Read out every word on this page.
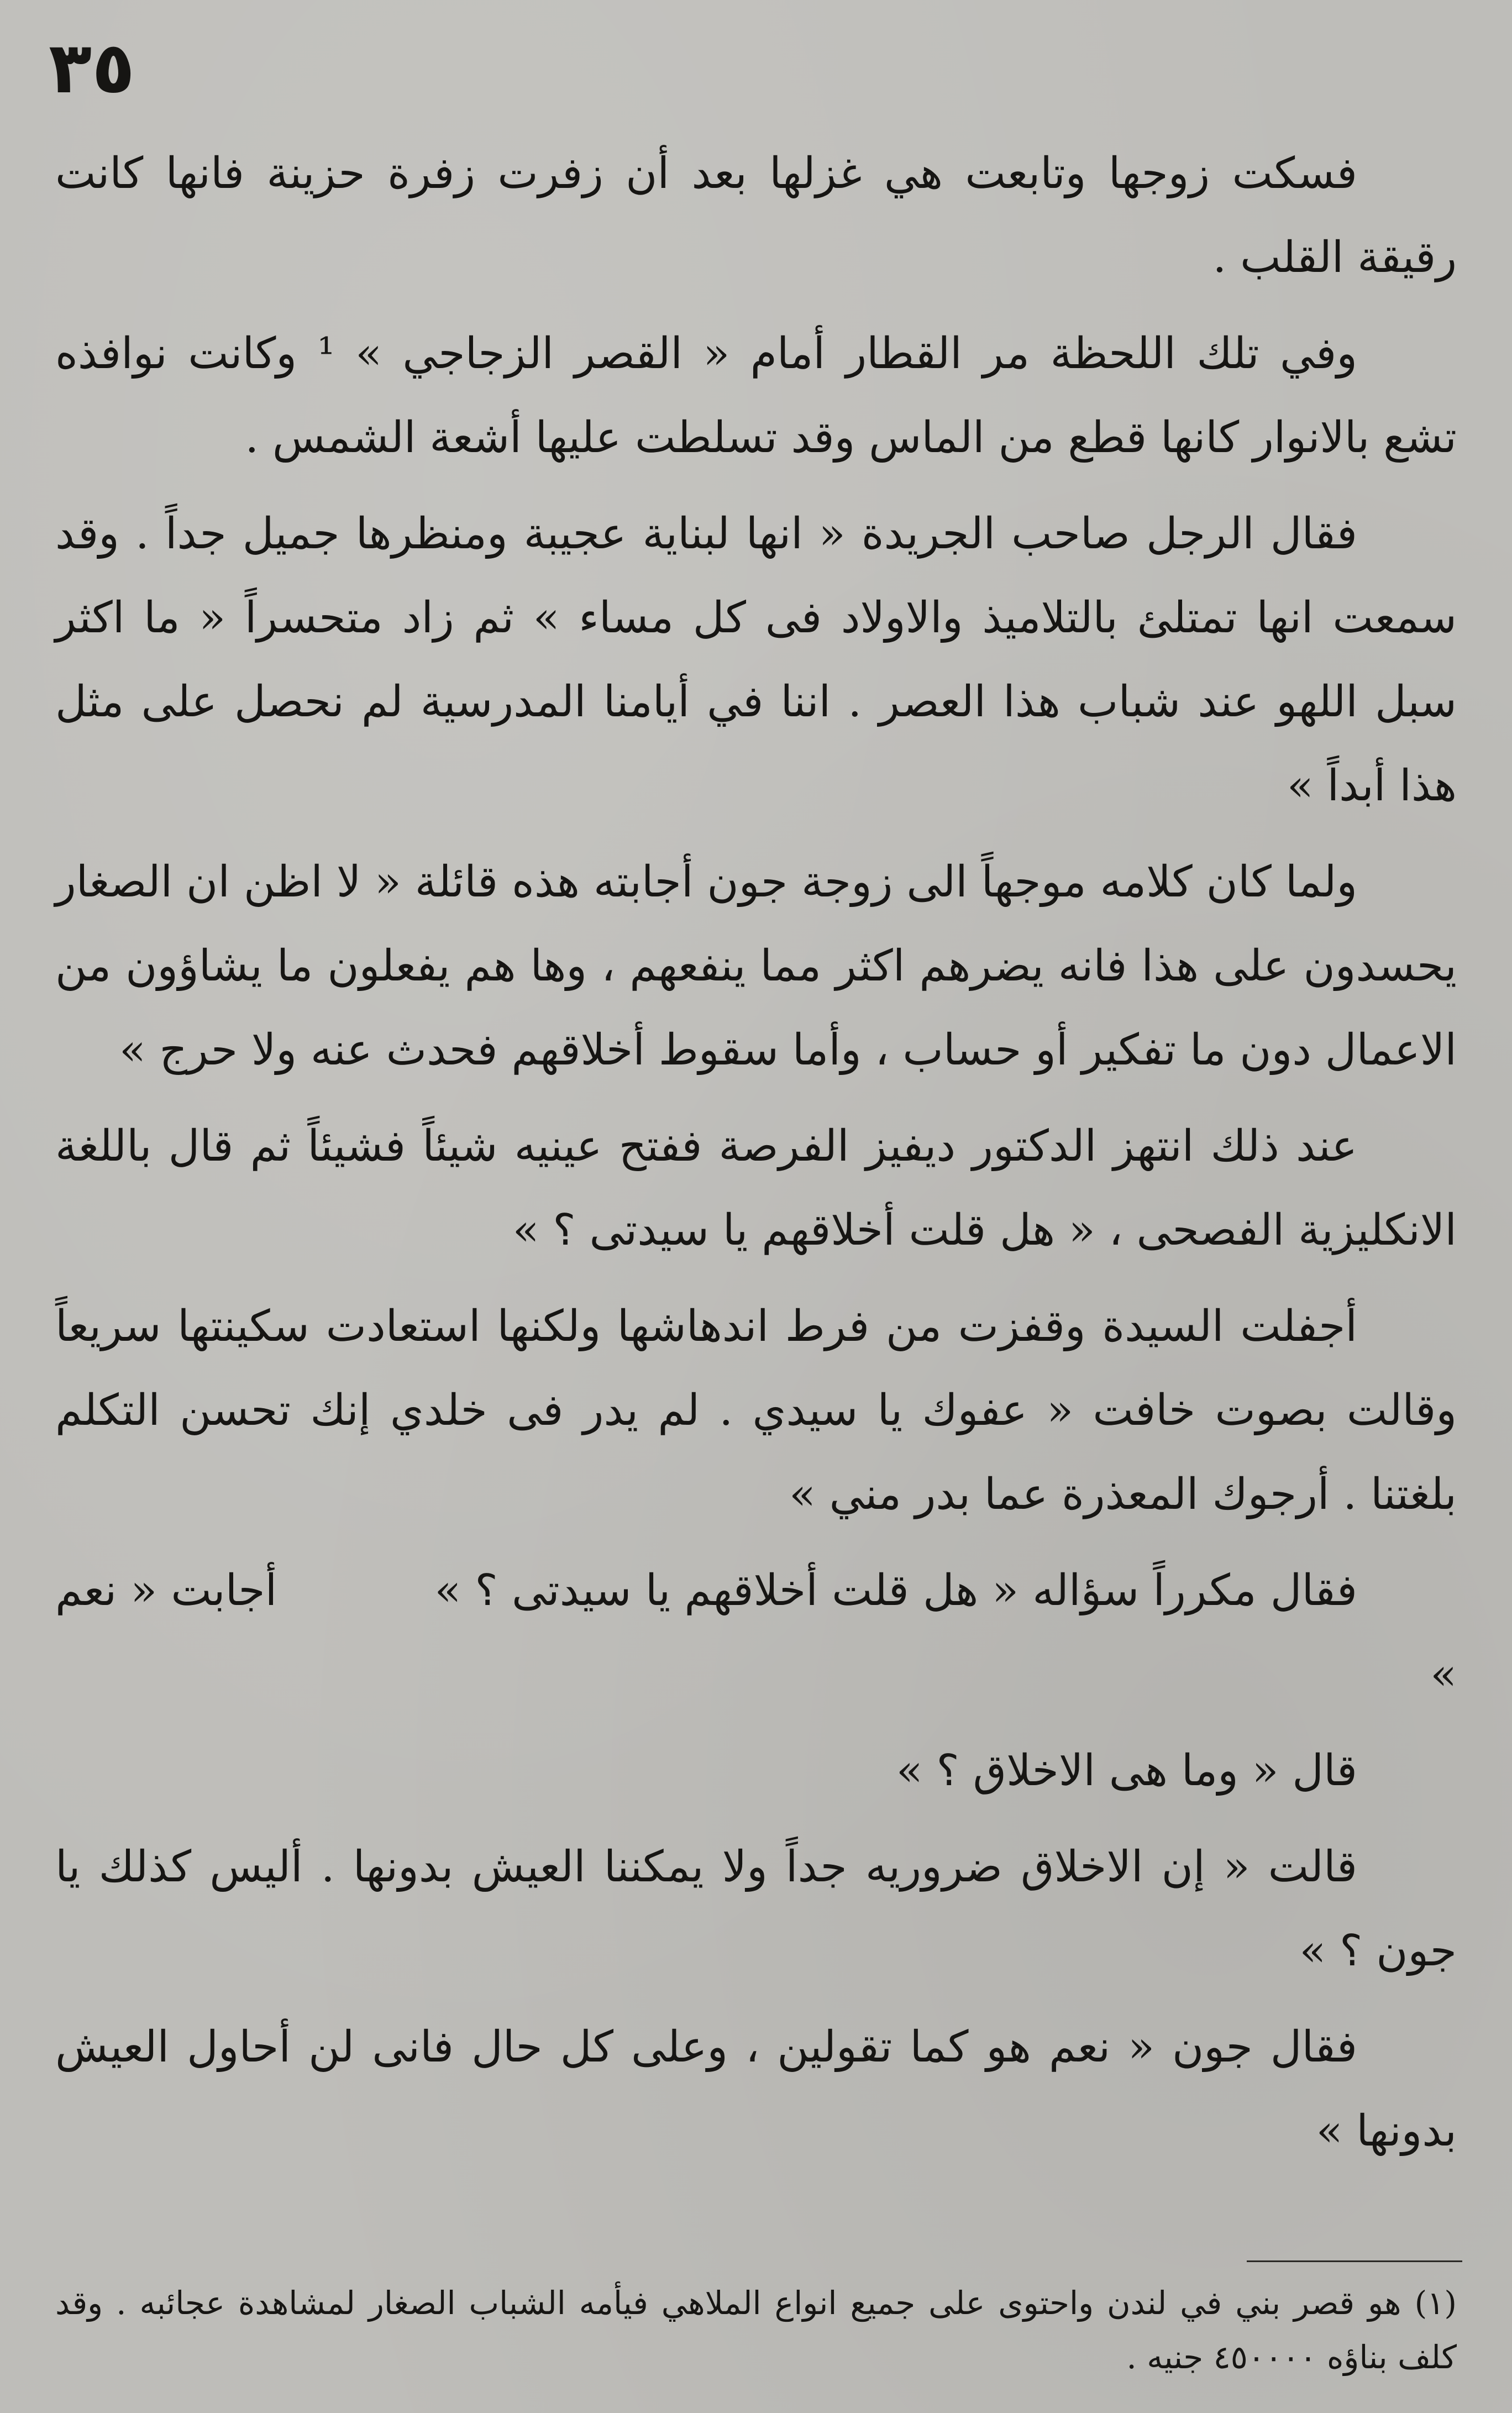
٣٥

فسكت زوجها وتابعت هي غزلها بعد أن زفرت زفرة حزينة فانها كانت رقيقة القلب .

وفي تلك اللحظة مر القطار أمام « القصر الزجاجي » ¹ وكانت نوافذه تشع بالانوار كانها قطع من الماس وقد تسلطت عليها أشعة الشمس .

فقال الرجل صاحب الجريدة « انها لبناية عجيبة ومنظرها جميل جداً . وقد سمعت انها تمتلئ بالتلاميذ والاولاد فى كل مساء » ثم زاد متحسراً « ما اكثر سبل اللهو عند شباب هذا العصر . اننا في أيامنا المدرسية لم نحصل على مثل هذا أبداً »

ولما كان كلامه موجهاً الى زوجة جون أجابته هذه قائلة « لا اظن ان الصغار يحسدون على هذا فانه يضرهم اكثر مما ينفعهم ، وها هم يفعلون ما يشاؤون من الاعمال دون ما تفكير أو حساب ، وأما سقوط أخلاقهم فحدث عنه ولا حرج »

عند ذلك انتهز الدكتور ديفيز الفرصة ففتح عينيه شيئاً فشيئاً ثم قال باللغة الانكليزية الفصحى ، « هل قلت أخلاقهم يا سيدتى ؟ »

أجفلت السيدة وقفزت من فرط اندهاشها ولكنها استعادت سكينتها سريعاً وقالت بصوت خافت « عفوك يا سيدي . لم يدر فى خلدي إنك تحسن التكلم بلغتنا . أرجوك المعذرة عما بدر مني »

فقال مكرراً سؤاله « هل قلت أخلاقهم يا سيدتى ؟ » أجابت « نعم »

قال « وما هى الاخلاق ؟ »

قالت « إن الاخلاق ضروريه جداً ولا يمكننا العيش بدونها . أليس كذلك يا جون ؟ »

فقال جون « نعم هو كما تقولين ، وعلى كل حال فانى لن أحاول العيش بدونها »

(١) هو قصر بني في لندن واحتوى على جميع انواع الملاهي فيأمه الشباب الصغار لمشاهدة عجائبه . وقد كلف بناؤه ٤٥٠٠٠٠ جنيه .
